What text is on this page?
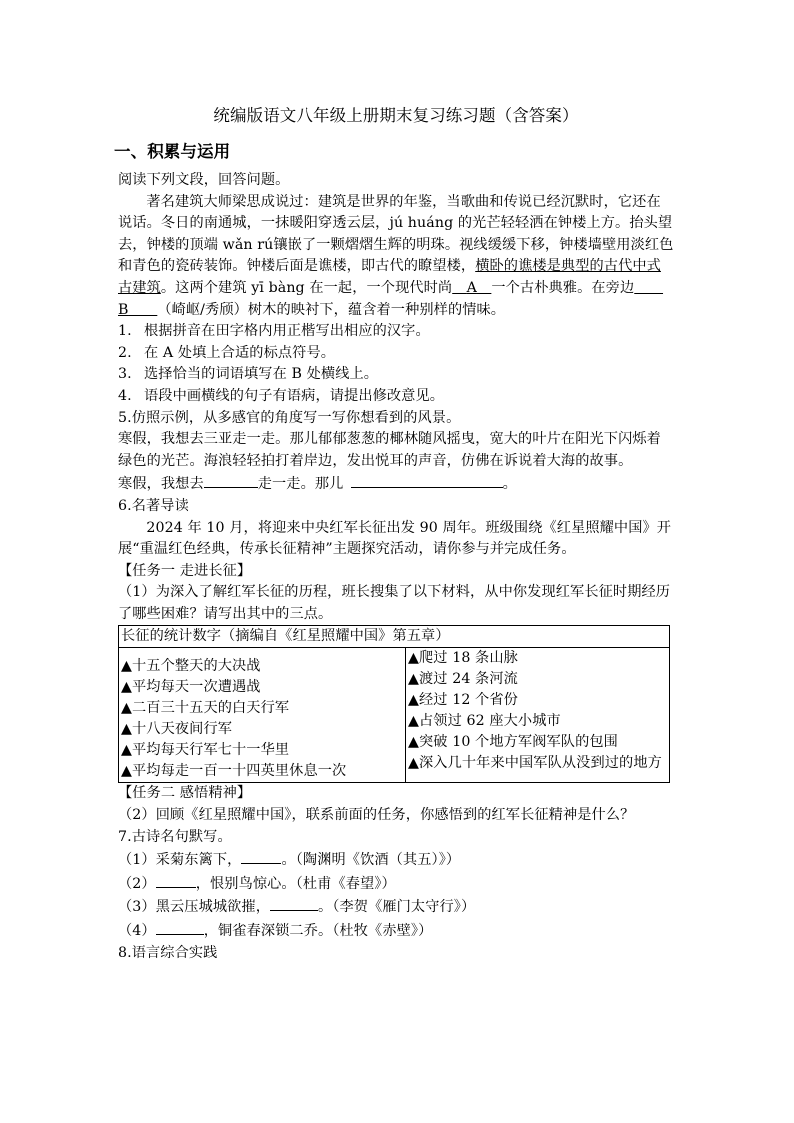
统编版语文八年级上册期末复习练习题（含答案）
一、积累与运用

阅读下列文段，回答问题。

著名建筑大师梁思成说过：建筑是世界的年鉴，当歌曲和传说已经沉默时，它还在说话。冬日的南通城，一抹暖阳穿透云层，jú huáng 的光芒轻轻洒在钟楼上方。抬头望去，钟楼的顶端 wǎn rú镶嵌了一颗熠熠生辉的明珠。视线缓缓下移，钟楼墙壁用淡红色和青色的瓷砖装饰。钟楼后面是谯楼，即古代的瞭望楼，横卧的谯楼是典型的古代中式古建筑。这两个建筑 yī bàng 在一起，一个现代时尚   A   一个古朴典雅。在旁边    B     （崎岖/秀颀）树木的映衬下，蕴含着一种别样的情味。

1. 根据拼音在田字格内用正楷写出相应的汉字。

2. 在 A 处填上合适的标点符号。

3. 选择恰当的词语填写在 B 处横线上。

4. 语段中画横线的句子有语病，请提出修改意见。

5.仿照示例，从多感官的角度写一写你想看到的风景。

寒假，我想去三亚走一走。那儿郁郁葱葱的椰林随风摇曳，宽大的叶片在阳光下闪烁着绿色的光芒。海浪轻轻拍打着岸边，发出悦耳的声音，仿佛在诉说着大海的故事。

寒假，我想去	走一走。那儿 	。

6.名著导读

2024 年 10 月，将迎来中央红军长征出发 90 周年。班级围绕《红星照耀中国》开展“重温红色经典，传承长征精神”主题探究活动，请你参与并完成任务。

【任务一 走进长征】

（1）为深入了解红军长征的历程，班长搜集了以下材料，从中你发现红军长征时期经历了哪些困难？请写出其中的三点。

长征的统计数字（摘编自《红星照耀中国》第五章）

▲十五个整天的大决战
▲平均每天一次遭遇战
▲二百三十五天的白天行军
▲十八天夜间行军
▲平均每天行军七十一华里
▲平均每走一百一十四英里休息一次

▲爬过 18 条山脉
▲渡过 24 条河流
▲经过 12 个省份
▲占领过 62 座大小城市
▲突破 10 个地方军阀军队的包围
▲深入几十年来中国军队从没到过的地方

【任务二 感悟精神】

（2）回顾《红星照耀中国》，联系前面的任务，你感悟到的红军长征精神是什么？

7.古诗名句默写。

（1）采菊东篱下，	。（陶渊明《饮酒（其五）》）

（2）	，恨别鸟惊心。（杜甫《春望》）

（3）黑云压城城欲摧，	。（李贺《雁门太守行》）

（4）	，铜雀春深锁二乔。（杜牧《赤壁》）

8.语言综合实践
